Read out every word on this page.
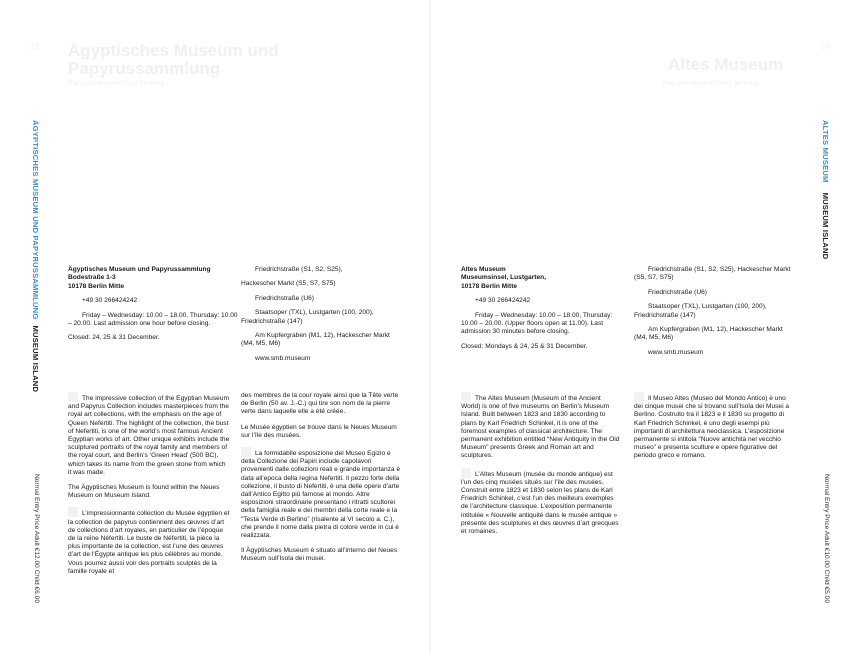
12 Ägyptisches Museum und
Papyrussammlung
Plan your Museum Pass for entry
ÄGYPTISCHES MUSEUM UND PAPYRUSSAMMLUNGMUSEUM ISLAND
Normal Entry Price Adult €12.00 Child €6.00
Ägyptisches Museum und Papyrussammlung
Bodestraße 1-3
10178 Berlin Mitte
+49 30 266424242
Friday – Wednesday: 10.00 – 18.00, Thursday: 10.00 – 20.00. Last admission one hour before closing.
Closed: 24, 25 & 31 December.
Friedrichstraße (S1, S2, S25),
Hackescher Markt (S5, S7, S75)
Friedrichstraße (U6)
Staatsoper (TXL), Lustgarten (100, 200), Friedrichstraße (147)
Am Kupfergraben (M1, 12), Hackescher Markt (M4, M5, M6)
www.smb.museum

The impressive collection of the Egyptian Museum and Papyrus Collection includes masterpieces from the royal art collections, with the emphasis on the age of Queen Nefertiti. The highlight of the collection, the bust of Nefertiti, is one of the world’s most famous Ancient Egyptian works of art. Other unique exhibits include the sculptured portraits of the royal family and members of the royal court, and Berlin’s ‘Green Head’ (500 BC), which takes its name from the green stone from which it was made.

The Ägyptisches Museum is found within the Neues Museum on Museum Island.

L’impressionnante collection du Musée égyptien et la collection de papyrus contiennent des œuvres d’art de collections d’art royales, en particulier de l’époque de la reine Néfertiti. Le buste de Néfertiti, la pièce la plus importante de la collection, est l’une des œuvres d’art de l’Égypte antique les plus célèbres au monde. Vous pourrez aussi voir des portraits sculptés de la famille royale et

des membres de la cour royale ainsi que la Tête verte de Berlin (50 av. J.-C.) qui tire son nom de la pierre verte dans laquelle elle a été créée.

Le Musée égyptien se trouve dans le Neues Museum sur l’île des musées.

La formidabile esposizione del Museo Egizio e della Collezione dei Papiri include capolavori provenienti dalle collezioni reali e grande importanza è data all’epoca della regina Nefertiti. Il pezzo forte della collezione, il busto di Nefertiti, è una delle opere d’arte dall’Antico Egitto più famose al mondo. Altre esposizioni straordinarie presentano i ritratti scultorei della famiglia reale e dei membri della corte reale e la “Testa Verde di Berlino” (risalente al VI secolo a. C.), che prende il nome dalla pietra di colore verde in cui è realizzata.

Il Ägyptisches Museum è situato all’interno del Neues Museum sull’Isola dei musei.

13
Altes Museum
Plan your Museum Pass for entry
ALTES MUSEUMMUSEUM ISLAND
Normal Entry Price Adult €10.00 Child €5.00
Altes Museum
Museumsinsel, Lustgarten,
10178 Berlin Mitte
+49 30 266424242
Friday – Wednesday: 10.00 – 18.00, Thursday: 10.00 – 20.00. (Upper floors open at 11.00). Last admission 30 minutes before closing.
Closed: Mondays & 24, 25 & 31 December.
Friedrichstraße (S1, S2, S25), Hackescher Markt (S5, S7, S75)
Friedrichstraße (U6)
Staatsoper (TXL), Lustgarten (100, 200), Friedrichstraße (147)
Am Kupfergraben (M1, 12), Hackescher Markt (M4, M5, M6)
www.smb.museum

The Altes Museum (Museum of the Ancient World) is one of five museums on Berlin’s Museum Island. Built between 1823 and 1830 according to plans by Karl Friedrich Schinkel, it is one of the foremost examples of classical architecture. The permanent exhibition entitled “New Antiquity in the Old Museum” presents Greek and Roman art and sculptures.

L’Altes Museum (musée du monde antique) est l’un des cinq musées situés sur l’île des musées. Construit entre 1823 et 1830 selon les plans de Karl Friedrich Schinkel, c’est l’un des meilleurs exemples de l’architecture classique. L’exposition permanente intitulée « Nouvelle antiquité dans le musée antique » présente des sculptures et des œuvres d’art grecques et romaines.

Il Museo Altes (Museo del Mondo Antico) è uno dei cinque musei che si trovano sull’Isola dei Musei a Berlino. Costruito tra il 1823 e il 1830 su progetto di Karl Friedrich Schinkel, è uno degli esempi più importanti di architettura neoclassica. L’esposizione permanente si intitola “Nuove antichità nel vecchio museo” e presenta sculture e opere figurative del periodo greco e romano.
